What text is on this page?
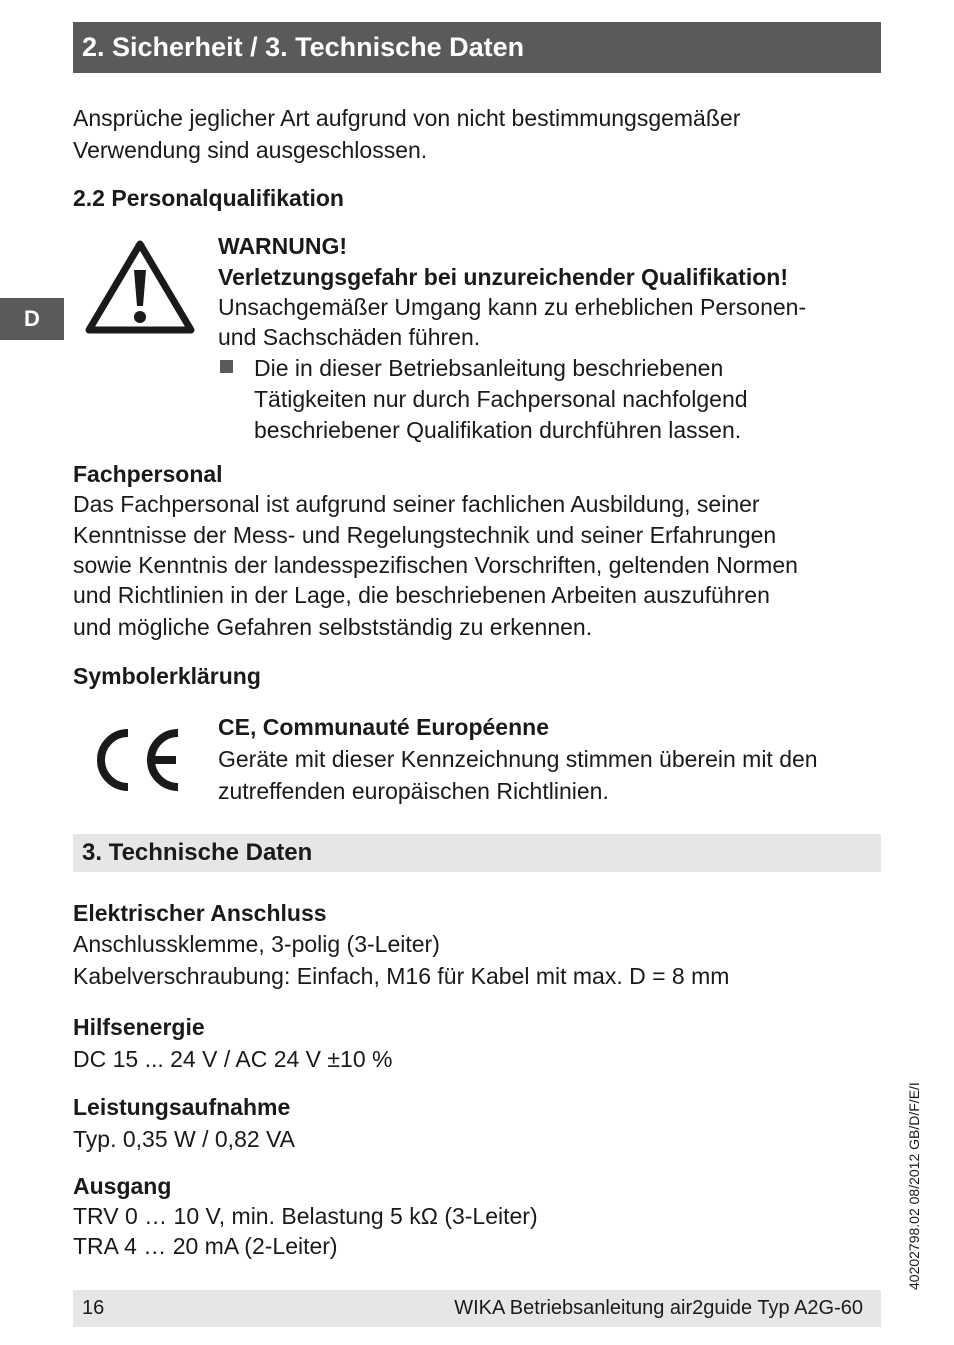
2. Sicherheit / 3. Technische Daten
D
Ansprüche jeglicher Art aufgrund von nicht bestimmungsgemäßer
Verwendung sind ausgeschlossen.
2.2 Personalqualifikation
WARNUNG!
Verletzungsgefahr bei unzureichender Qualifikation!
Unsachgemäßer Umgang kann zu erheblichen Personen-
und Sachschäden führen.
Die in dieser Betriebsanleitung beschriebenen
Tätigkeiten nur durch Fachpersonal nachfolgend
beschriebener Qualifikation durchführen lassen.
Fachpersonal
Das Fachpersonal ist aufgrund seiner fachlichen Ausbildung, seiner
Kenntnisse der Mess- und Regelungstechnik und seiner Erfahrungen
sowie Kenntnis der landesspezifischen Vorschriften, geltenden Normen
und Richtlinien in der Lage, die beschriebenen Arbeiten auszuführen
und mögliche Gefahren selbstständig zu erkennen.
Symbolerklärung
CE, Communauté Européenne
Geräte mit dieser Kennzeichnung stimmen überein mit den
zutreffenden europäischen Richtlinien.
3. Technische Daten
Elektrischer Anschluss
Anschlussklemme, 3-polig (3-Leiter)
Kabelverschraubung: Einfach, M16 für Kabel mit max. D = 8 mm
Hilfsenergie
DC 15 ... 24 V / AC 24 V ±10 %
Leistungsaufnahme
Typ. 0,35 W / 0,82 VA
Ausgang
TRV 0 … 10 V, min. Belastung 5 kΩ (3-Leiter)
TRA 4 … 20 mA (2-Leiter)	40202798.02 08/2012 GB/D/F/E/I
16	WIKA Betriebsanleitung air2guide Typ A2G-60
